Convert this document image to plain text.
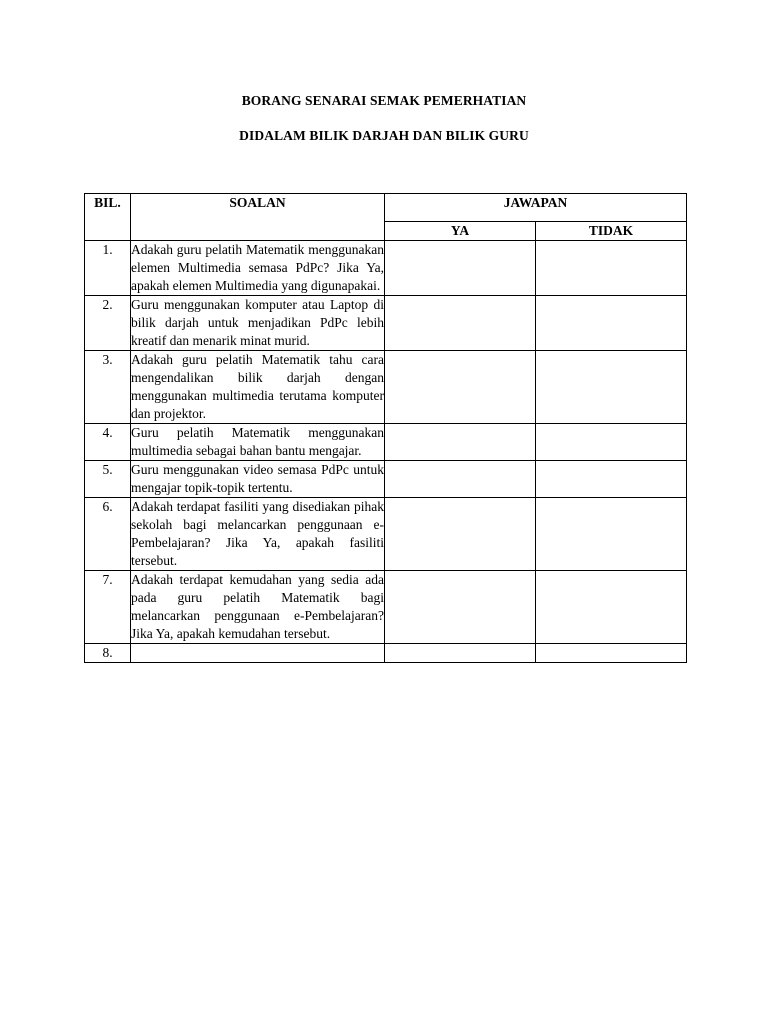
BORANG SENARAI SEMAK PEMERHATIAN
DIDALAM BILIK DARJAH DAN BILIK GURU
BIL.	SOALAN	JAWAPAN	
		YA	TIDAK
1.	Adakah guru pelatih Matematik menggunakan elemen Multimedia semasa PdPc? Jika Ya, apakah elemen Multimedia yang digunapakai.		
2.	Guru menggunakan komputer atau Laptop di bilik darjah untuk menjadikan PdPc lebih kreatif dan menarik minat murid.		
3.	Adakah guru pelatih Matematik tahu cara mengendalikan bilik darjah dengan menggunakan multimedia terutama komputer dan projektor.		
4.	Guru pelatih Matematik menggunakan multimedia sebagai bahan bantu mengajar.		
5.	Guru menggunakan video semasa PdPc untuk mengajar topik-topik tertentu.		
6.	Adakah terdapat fasiliti yang disediakan pihak sekolah bagi melancarkan penggunaan e-Pembelajaran? Jika Ya, apakah fasiliti tersebut.		
7.	Adakah terdapat kemudahan yang sedia ada pada guru pelatih Matematik bagi melancarkan penggunaan e-Pembelajaran? Jika Ya, apakah kemudahan tersebut.		
8.			
